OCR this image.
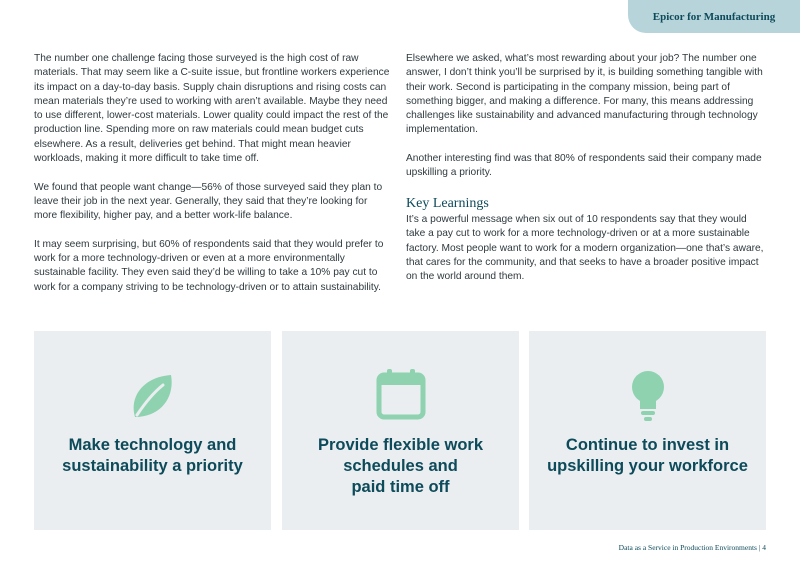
Epicor for Manufacturing

The number one challenge facing those surveyed is the high cost of raw materials. That may seem like a C-suite issue, but frontline workers experience its impact on a day-to-day basis. Supply chain disruptions and rising costs can mean materials they’re used to working with aren’t available. Maybe they need to use different, lower-cost materials. Lower quality could impact the rest of the production line. Spending more on raw materials could mean budget cuts elsewhere. As a result, deliveries get behind. That might mean heavier workloads, making it more difficult to take time off.

We found that people want change—56% of those surveyed said they plan to leave their job in the next year. Generally, they said that they’re looking for more flexibility, higher pay, and a better work-life balance.

It may seem surprising, but 60% of respondents said that they would prefer to work for a more technology-driven or even at a more environmentally sustainable facility. They even said they’d be willing to take a 10% pay cut to work for a company striving to be technology-driven or to attain sustainability.

Elsewhere we asked, what’s most rewarding about your job? The number one answer, I don’t think you’ll be surprised by it, is building something tangible with their work. Second is participating in the company mission, being part of something bigger, and making a difference. For many, this means addressing challenges like sustainability and advanced manufacturing through technology implementation.

Another interesting find was that 80% of respondents said their company made upskilling a priority.

Key Learnings

It’s a powerful message when six out of 10 respondents say that they would take a pay cut to work for a more technology-driven or at a more sustainable factory. Most people want to work for a modern organization—one that’s aware, that cares for the community, and that seeks to have a broader positive impact on the world around them.

Make technology and
sustainability a priority
Provide flexible work
schedules and
paid time off
Continue to invest in
upskilling your workforce
Data as a Service in Production Environments | 4
